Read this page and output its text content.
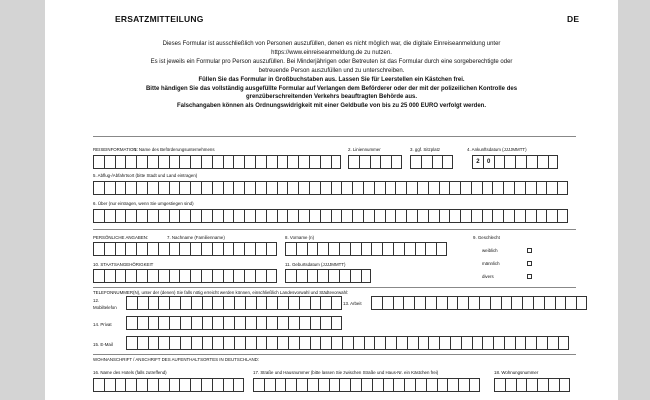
ERSATZMITTEILUNG	DE
Dieses Formular ist ausschließlich von Personen auszufüllen, denen es nicht möglich war, die digitale Einreiseanmeldung unter
https://www.einreiseanmeldung.de zu nutzen.
Es ist jeweils ein Formular pro Person auszufüllen. Bei Minderjährigen oder Betreuten ist das Formular durch eine sorgeberechtigte oder
betreuende Person auszufüllen und zu unterschreiben.
Füllen Sie das Formular in Großbuchstaben aus. Lassen Sie für Leerstellen ein Kästchen frei.
Bitte händigen Sie das vollständig ausgefüllte Formular auf Verlangen dem Beförderer oder der mit der polizeilichen Kontrolle des
grenzüberschreitenden Verkehrs beauftragten Behörde aus.
Falschangaben können als Ordnungswidrigkeit mit einer Geldbuße von bis zu 25 000 EURO verfolgt werden.
REISEINFORMATION:
1. Name des Beförderungsunternehmens	2. Liniennummer	3. ggf. Sitzplatz	4. Ankunftsdatum (JJJJMMTT)
2	0
5. Abflug-/Abfahrtsort (bitte Stadt und Land eintragen)
6. Über (nur eintragen, wenn Sie umgestiegen sind)
PERSÖNLICHE ANGABEN:	7. Nachname (Familienname)	8. Vorname (n)	9. Geschlecht
weiblich
männlich
divers
10. STAATSANGEHÖRIGKEIT	11. Geburtsdatum (JJJJMMTT)
TELEFONNUMMER(N), unter der (denen) Sie falls nötig erreicht werden können, einschließlich Landesvorwahl und Städtevorwahl:
12.
Mobiltelefon
13. Arbeit
14. Privat
15. E-Mail
WOHNANSCHRIFT / ANSCHRIFT DES AUFENTHALTSORTES IN DEUTSCHLAND:
16. Name des Hotels (falls zutreffend)	17. Straße und Hausnummer (bitte lassen Sie zwischen Straße und Haus-Nr. ein Kästchen frei)	18. Wohnungsnummer
